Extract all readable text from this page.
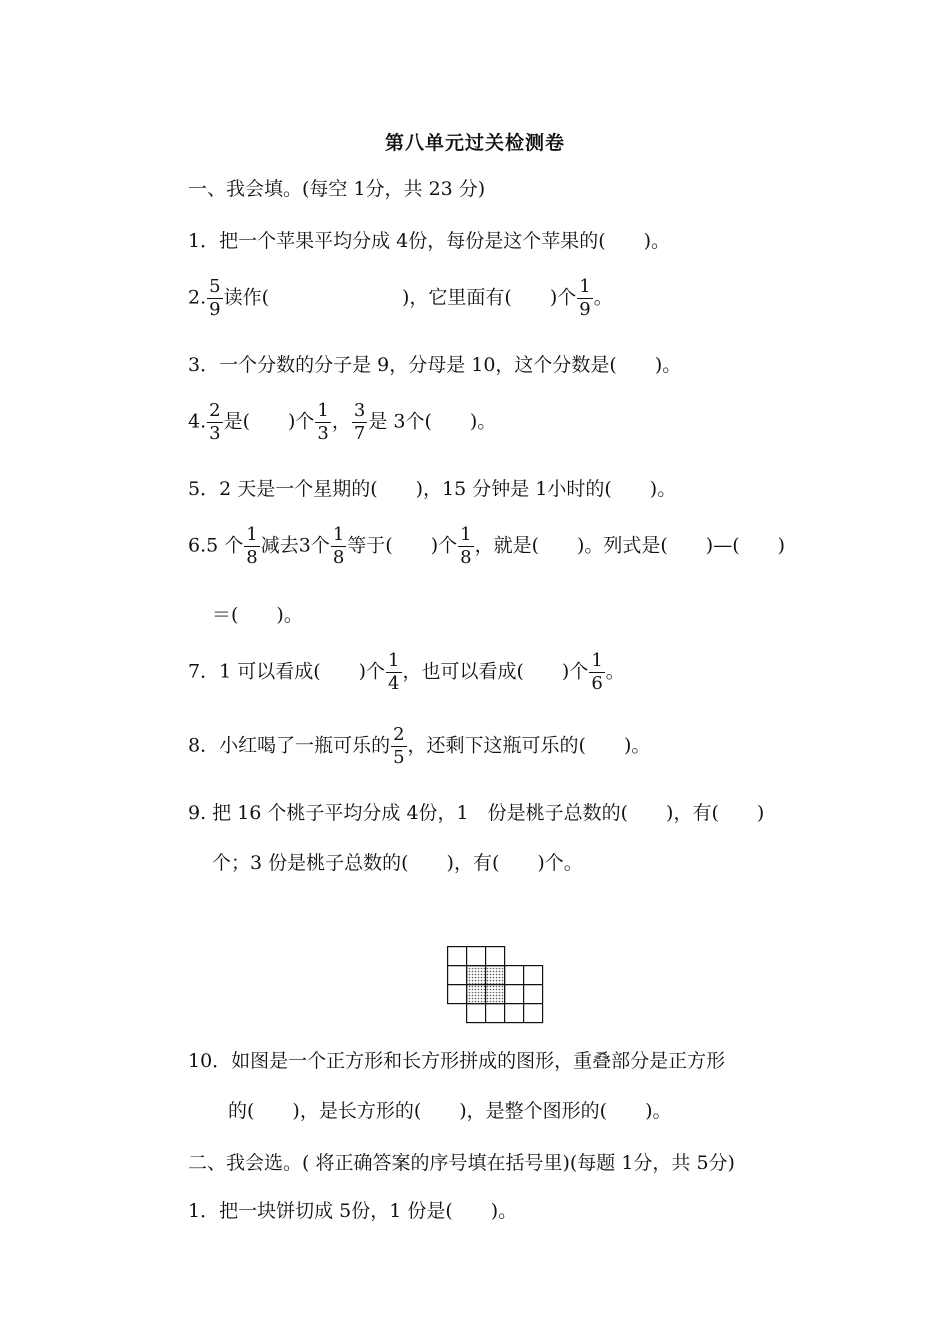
第八单元过关检测卷
一、我会填。(每空 1分，共 23 分)
1．把一个苹果平均分成 4份，每份是这个苹果的(　　)。
2. $\frac{5}{9}$ 读作(　　　　　　　)，它里面有(　　)个 $\frac{1}{9}$ 。
3．一个分数的分子是 9，分母是 10，这个分数是(　　)。
4. $\frac{2}{3}$ 是(　　)个 $\frac{1}{3}$ ， $\frac{3}{7}$ 是 3个(　　)。
5．2 天是一个星期的(　　)，15 分钟是 1小时的(　　)。
6.5 个 $\frac{1}{8}$ 减去3个 $\frac{1}{8}$ 等于(　　)个 $\frac{1}{8}$ ，就是(　　)。列式是(　　)—(　　)
＝(　　)。
7．1 可以看成(　　)个 $\frac{1}{4}$ ，也可以看成(　　)个 $\frac{1}{6}$ 。
8．小红喝了一瓶可乐的 $\frac{2}{5}$ ，还剩下这瓶可乐的(　　)。
9. 把 16 个桃子平均分成 4份，1　份是桃子总数的(　　)，有(　　)
个；3 份是桃子总数的(　　)，有(　　)个。
10．如图是一个正方形和长方形拼成的图形，重叠部分是正方形
的(　　)，是长方形的(　　)，是整个图形的(　　)。
二、我会选。( 将正确答案的序号填在括号里)(每题 1分，共 5分)
1．把一块饼切成 5份，1 份是(　　)。
